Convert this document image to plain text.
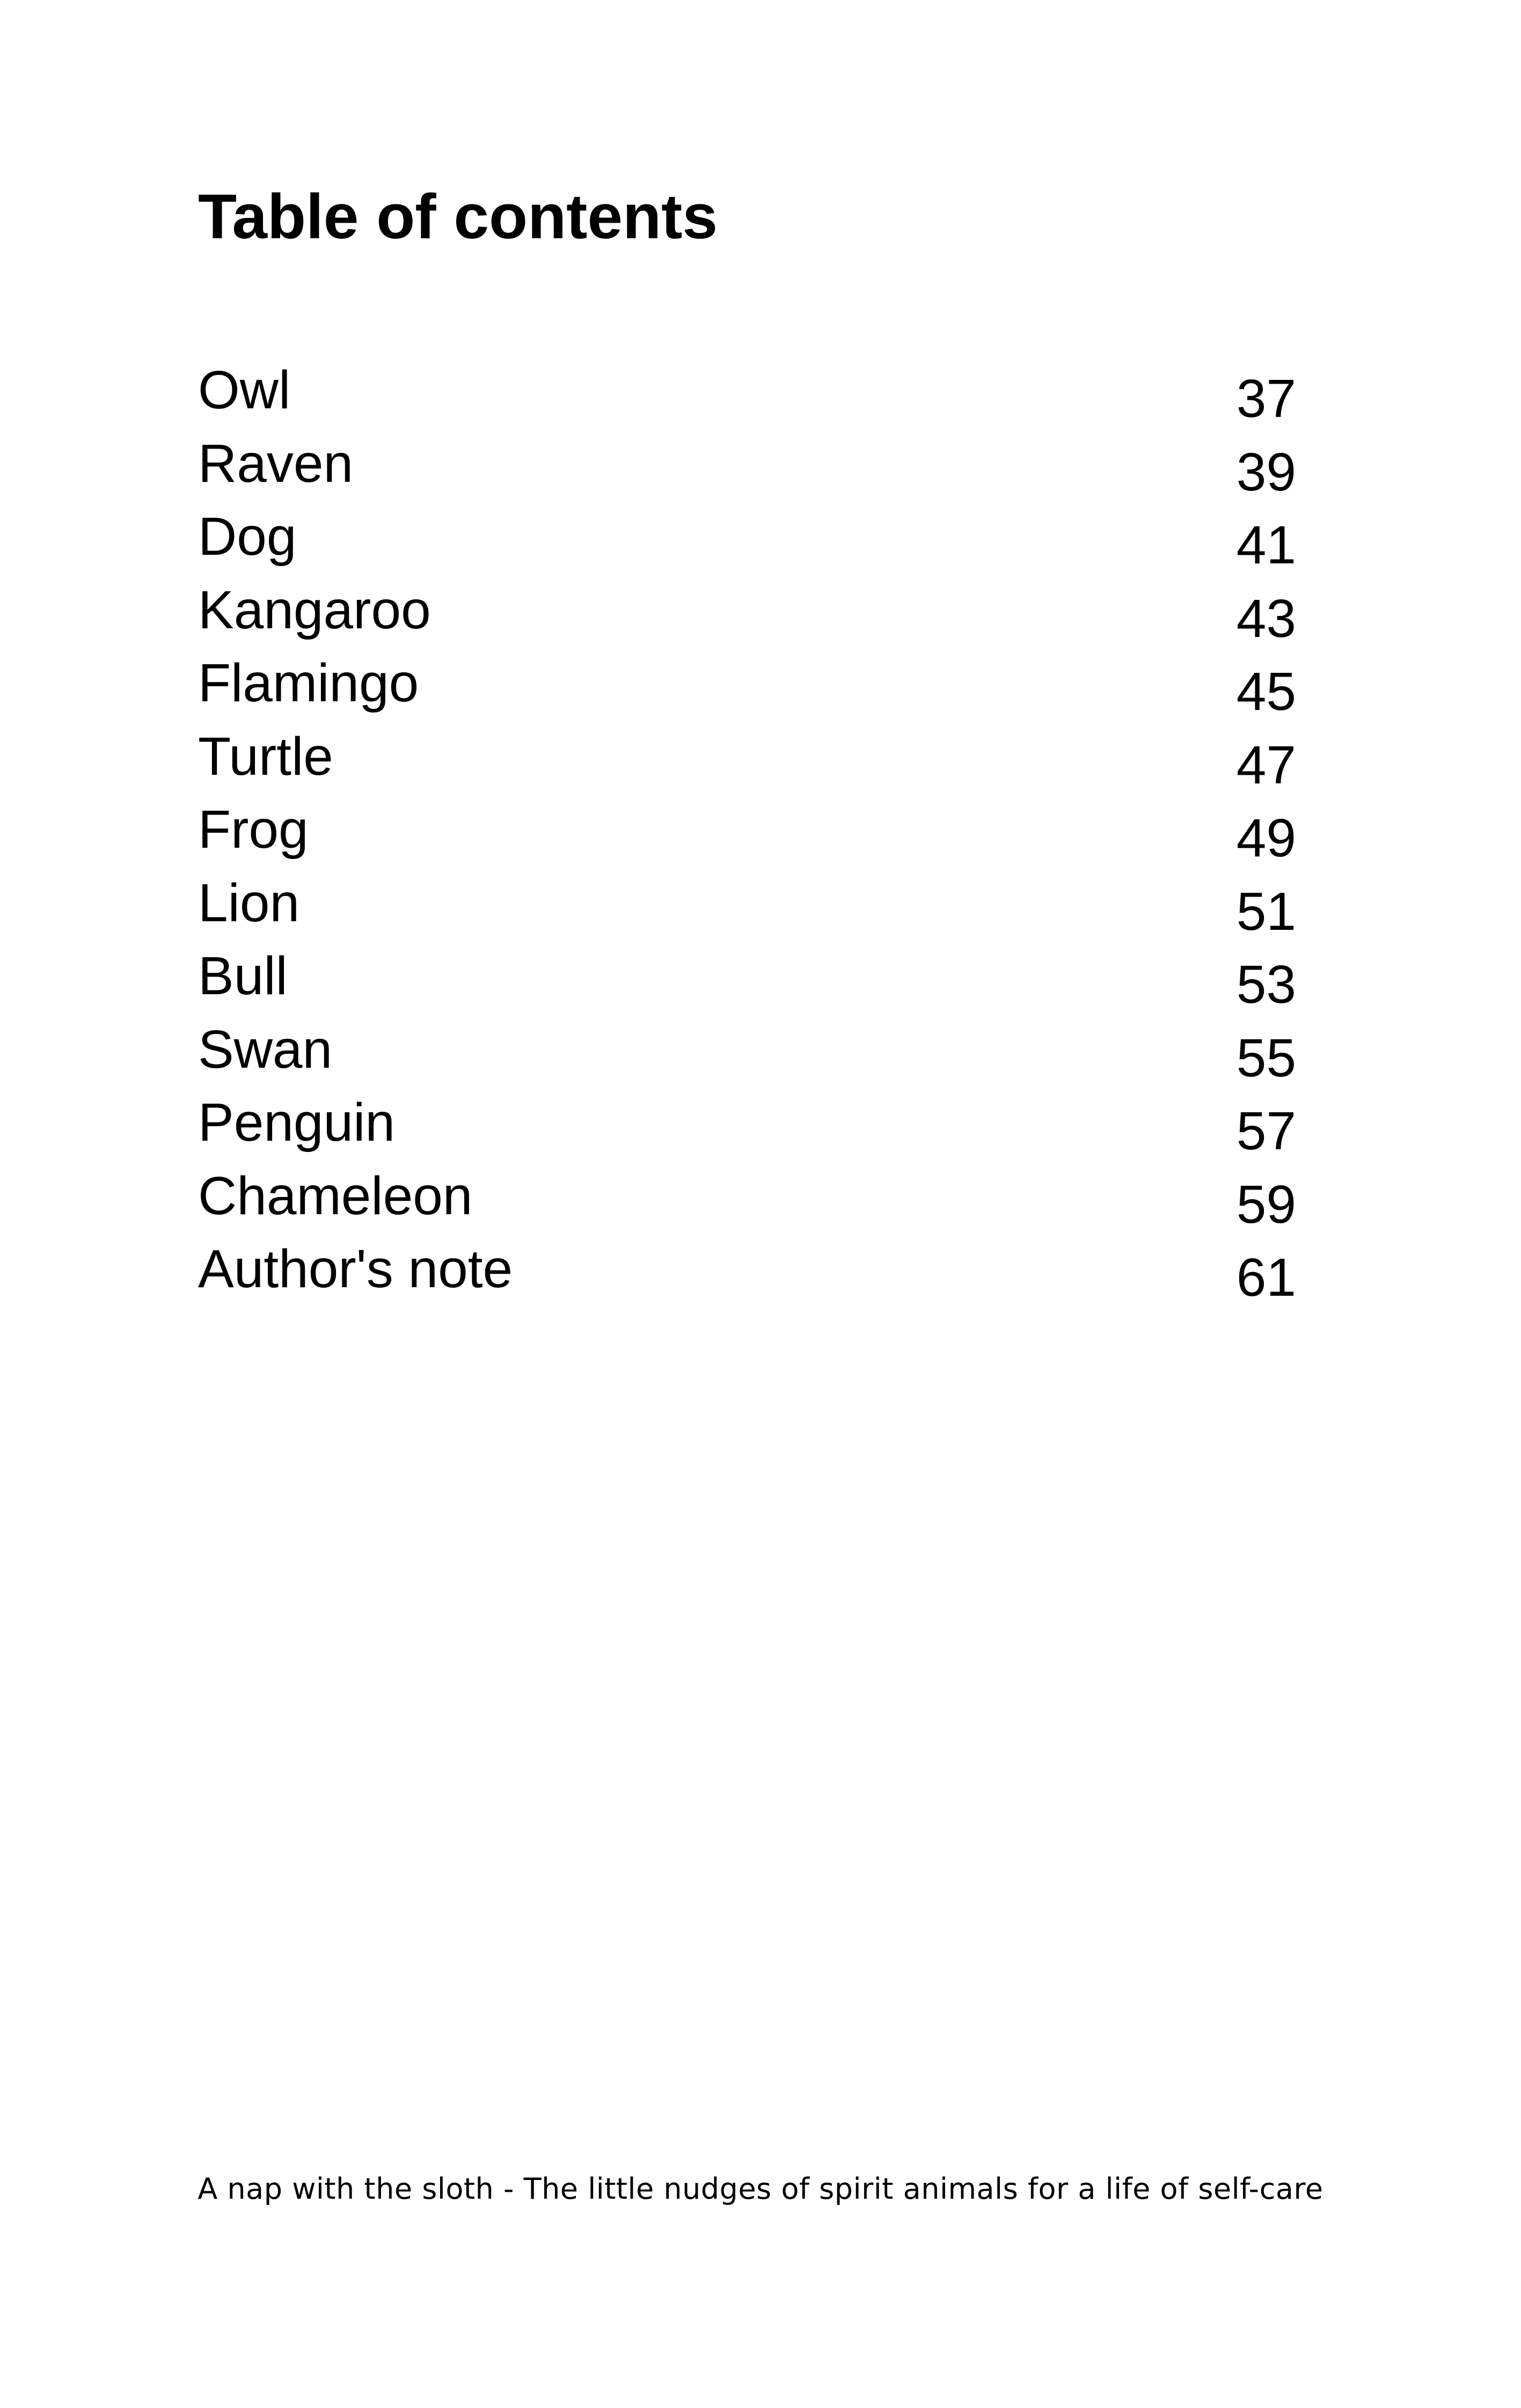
Table of contents
Owl	37
Raven	39
Dog	41
Kangaroo	43
Flamingo	45
Turtle	47
Frog	49
Lion	51
Bull	53
Swan	55
Penguin	57
Chameleon	59
Author's note	61

A nap with the sloth - The little nudges of spirit animals for a life of self-care
